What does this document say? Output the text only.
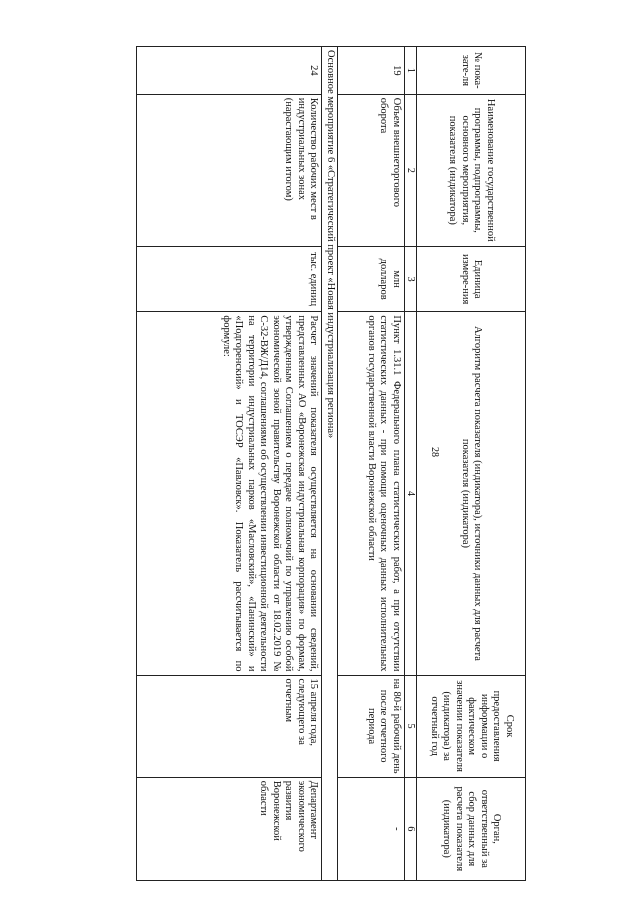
28
№ пока-зате-ля	Наименование государственной программы, подпрограммы, основного мероприятия, показателя (индикатора)	Единица измере-ния	Алгоритм расчета показателя (индикатора), источники данных для расчета показателя (индикатора)	Срок предоставления информации о фактическом значении показателя (индикатора) за отчетный год	Орган, ответственный за сбор данных для расчета показателя (индикатора)
1	2	3	4	5	6
19	Объем внешнеторгового оборота	млн долларов	Пункт 1.31.1 Федерального плана статистических работ, а при отсутствии статистических данных - при помощи оценочных данных исполнительных органов государственной власти Воронежской области	на 80-й рабочий день после отчетного периода	-
Основное мероприятие 6 «Стратегический проект «Новая индустриализация региона»					
24	Количество рабочих мест в индустриальных зонах (нарастающим итогом)	тыс. единиц	Расчет значений показателя осуществляется на основании сведений, представленных АО «Воронежская индустриальная корпорация» по формам, утвержденным Соглашением о передаче полномочий по управлению особой экономической зоной правительству Воронежской области от 18.02.2019 № С-32-ВЖ/Д14, соглашениями об осуществлении инвестиционной деятельности на территории индустриальных парков «Масловский», «Панинский» и «Подгоренский» и ТОСЭР «Павловск». Показатель рассчитывается по формуле:	15 апреля года, следующего за отчетным	Департамент экономического развития Воронежской области
